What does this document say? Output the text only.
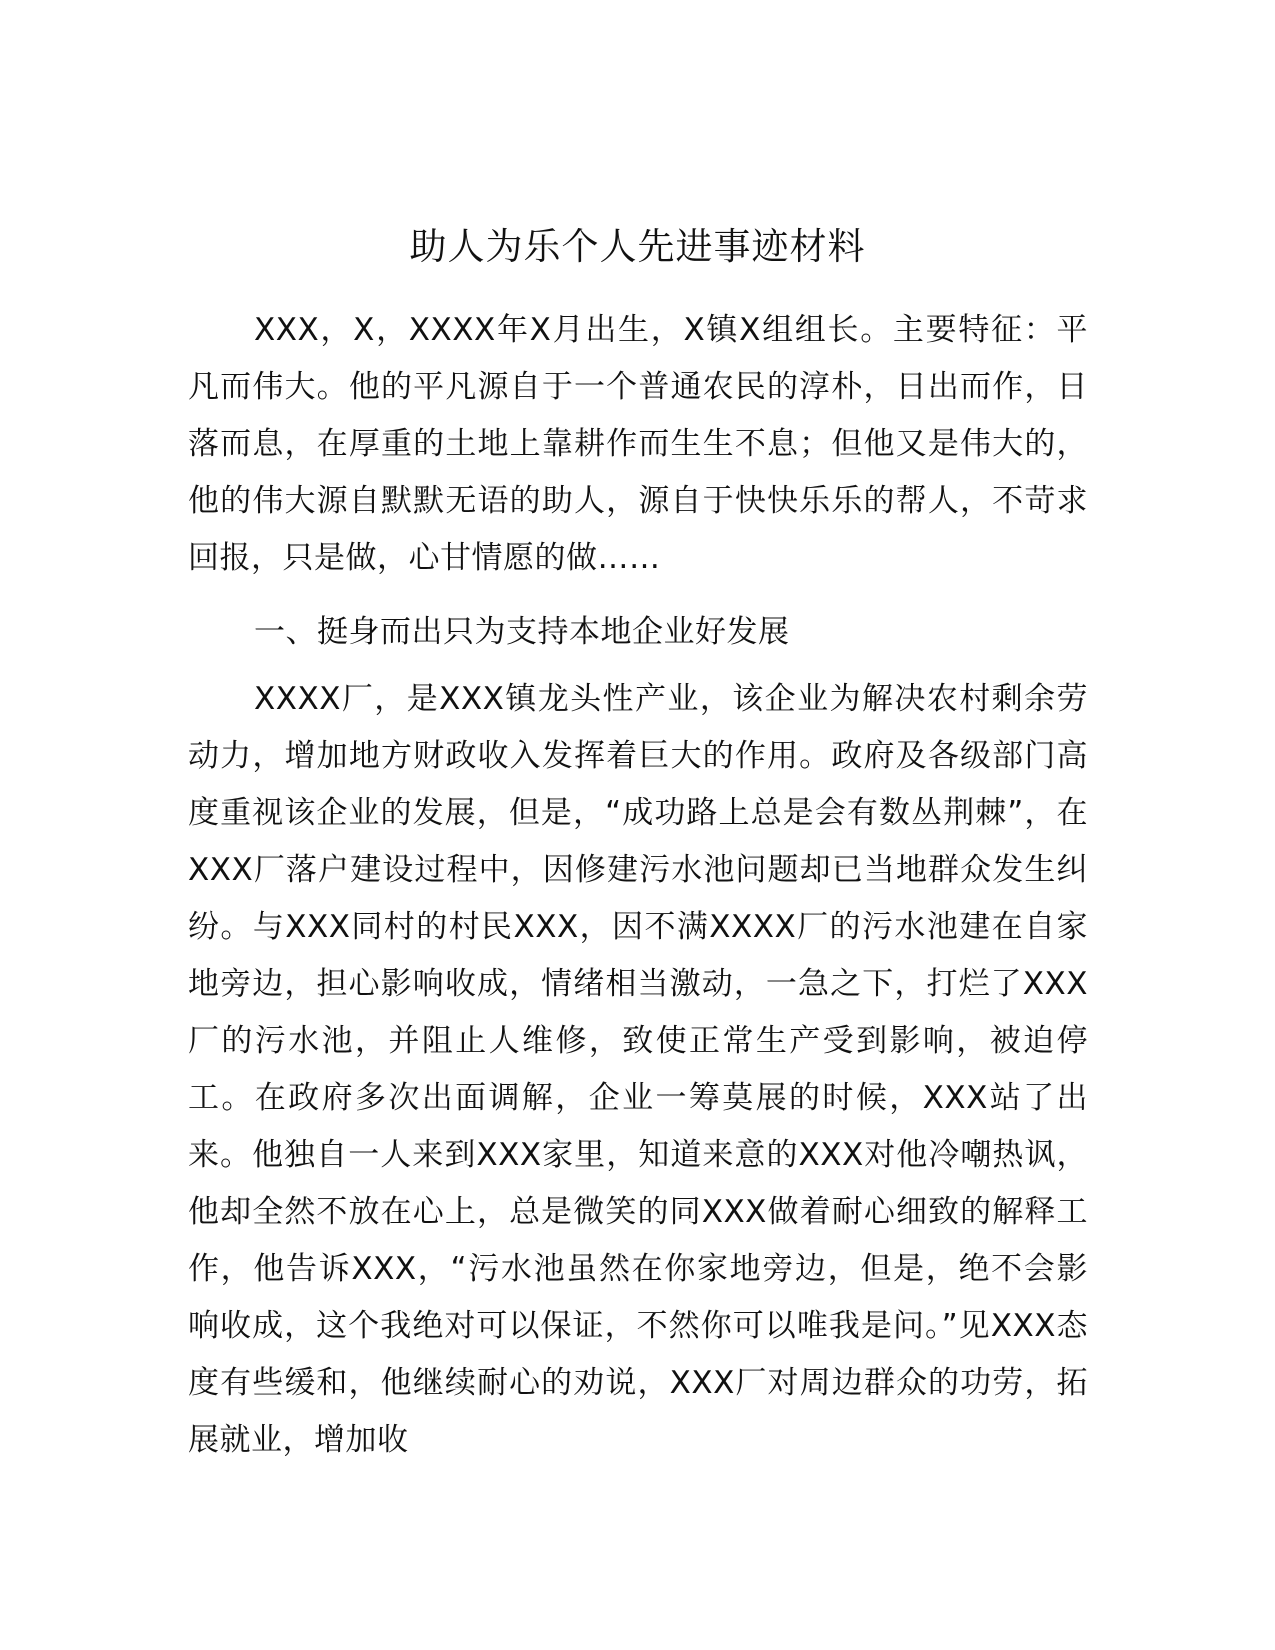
助人为乐个人先进事迹材料

XXX，X，XXXX年X月出生，X镇X组组长。主要特征：平凡而伟大。他的平凡源自于一个普通农民的淳朴，日出而作，日落而息，在厚重的土地上靠耕作而生生不息；但他又是伟大的，他的伟大源自默默无语的助人，源自于快快乐乐的帮人，不苛求回报，只是做，心甘情愿的做……

一、挺身而出只为支持本地企业好发展

XXXX厂，是XXX镇龙头性产业，该企业为解决农村剩余劳动力，增加地方财政收入发挥着巨大的作用。政府及各级部门高度重视该企业的发展，但是，“成功路上总是会有数丛荆棘”，在XXX厂落户建设过程中，因修建污水池问题却已当地群众发生纠纷。与XXX同村的村民XXX，因不满XXXX厂的污水池建在自家地旁边，担心影响收成，情绪相当激动，一急之下，打烂了XXX厂的污水池，并阻止人维修，致使正常生产受到影响，被迫停工。在政府多次出面调解，企业一筹莫展的时候，XXX站了出来。他独自一人来到XXX家里，知道来意的XXX对他冷嘲热讽，他却全然不放在心上，总是微笑的同XXX做着耐心细致的解释工作，他告诉XXX，“污水池虽然在你家地旁边，但是，绝不会影响收成，这个我绝对可以保证，不然你可以唯我是问。”见XXX态度有些缓和，他继续耐心的劝说，XXX厂对周边群众的功劳，拓展就业，增加收
